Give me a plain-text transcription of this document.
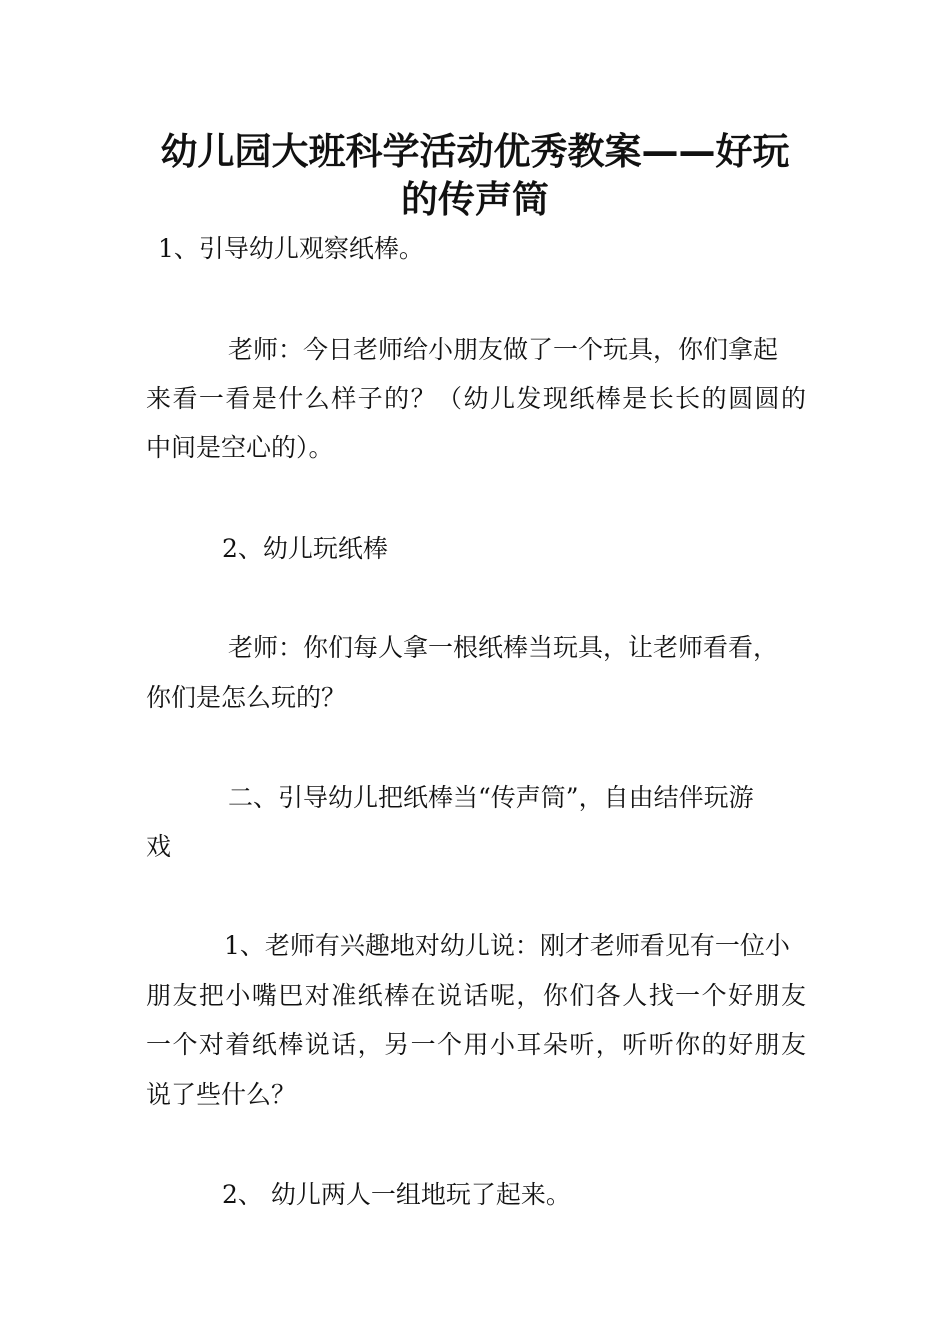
幼儿园大班科学活动优秀教案——好玩
的传声筒
1、引导幼儿观察纸棒。
老师：今日老师给小朋友做了一个玩具，你们拿起
来看一看是什么样子的？（幼儿发现纸棒是长长的圆圆的
中间是空心的）。
2、幼儿玩纸棒
老师：你们每人拿一根纸棒当玩具，让老师看看，
你们是怎么玩的？
二、引导幼儿把纸棒当“传声筒”，自由结伴玩游
戏
1、老师有兴趣地对幼儿说：刚才老师看见有一位小
朋友把小嘴巴对准纸棒在说话呢，你们各人找一个好朋友
一个对着纸棒说话，另一个用小耳朵听，听听你的好朋友
说了些什么？
2、 幼儿两人一组地玩了起来。
